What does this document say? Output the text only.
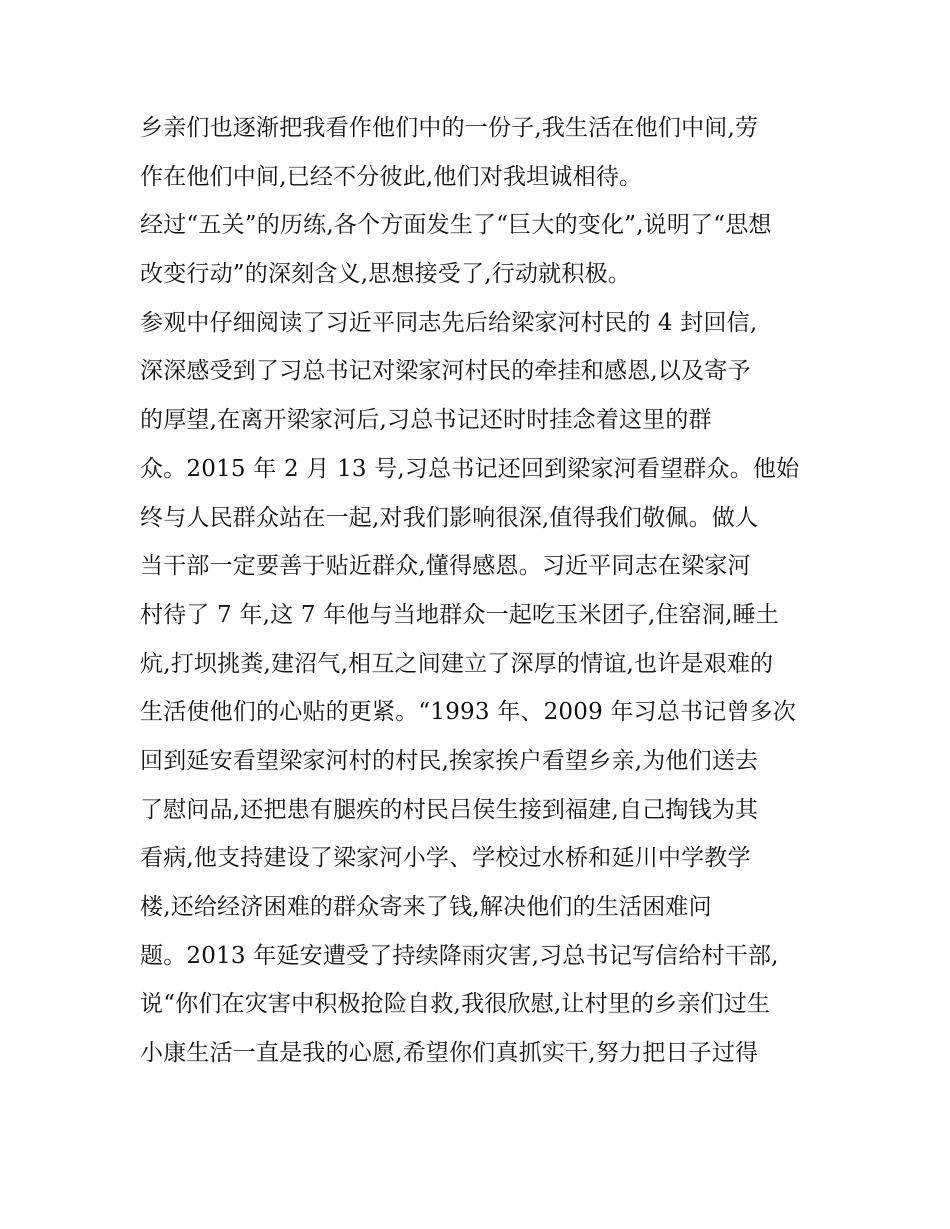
乡亲们也逐渐把我看作他们中的一份子,我生活在他们中间,劳
作在他们中间,已经不分彼此,他们对我坦诚相待。
经过“五关”的历练,各个方面发生了“巨大的变化”,说明了“思想
改变行动”的深刻含义,思想接受了,行动就积极。
参观中仔细阅读了习近平同志先后给梁家河村民的 4 封回信,
深深感受到了习总书记对梁家河村民的牵挂和感恩,以及寄予
的厚望,在离开梁家河后,习总书记还时时挂念着这里的群
众。2015 年 2 月 13 号,习总书记还回到梁家河看望群众。他始
终与人民群众站在一起,对我们影响很深,值得我们敬佩。做人
当干部一定要善于贴近群众,懂得感恩。习近平同志在梁家河
村待了 7 年,这 7 年他与当地群众一起吃玉米团子,住窑洞,睡土
炕,打坝挑粪,建沼气,相互之间建立了深厚的情谊,也许是艰难的
生活使他们的心贴的更紧。“1993 年、2009 年习总书记曾多次
回到延安看望梁家河村的村民,挨家挨户看望乡亲,为他们送去
了慰问品,还把患有腿疾的村民吕侯生接到福建,自己掏钱为其
看病,他支持建设了梁家河小学、学校过水桥和延川中学教学
楼,还给经济困难的群众寄来了钱,解决他们的生活困难问
题。2013 年延安遭受了持续降雨灾害,习总书记写信给村干部,
说“你们在灾害中积极抢险自救,我很欣慰,让村里的乡亲们过生
小康生活一直是我的心愿,希望你们真抓实干,努力把日子过得
